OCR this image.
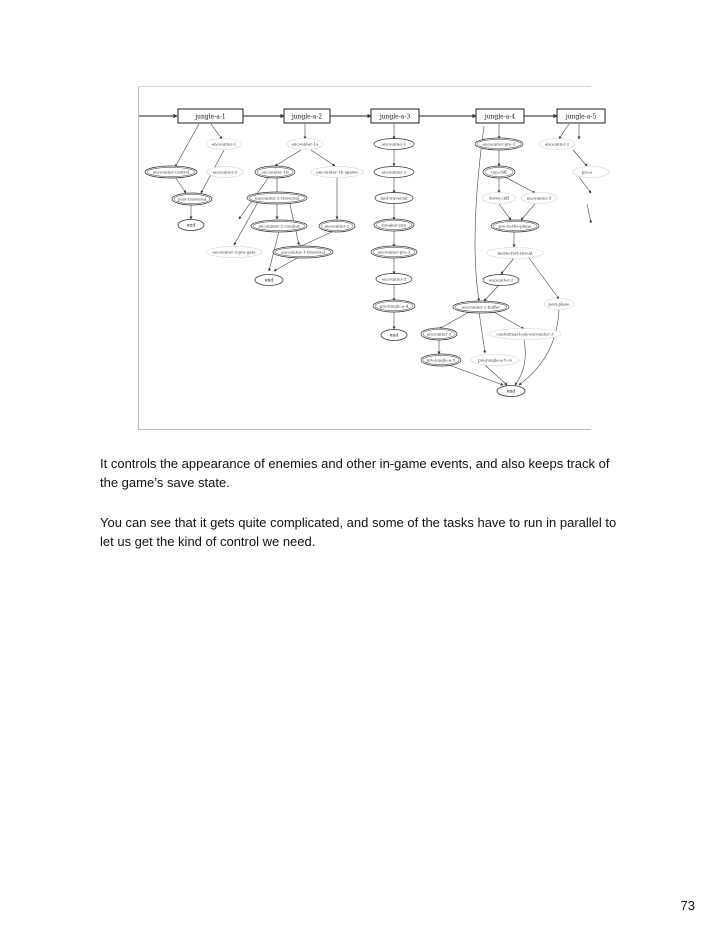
jungle-a-1	jungle-a-2	jungle-a-3	jungle-a-4	jungle-a-5
encounter-1
encounter-control	encounter-2
post-traversal
end
encounter-1a
encounter-1b	encounter-1b-spawn
encounter-2-traversal
encounter-2-combat	encounter-2
encounter-3-pre-gate	encounter-1-traversal
end
encounter-1
encounter-2
mid-traversal
breaker-pre
encounter-pre-3
encounter-3
pre-jungle-a-4
end
encounter-pre-1	encounter-2
top-cliff
down-cliff	encounter-3
pre-in-the-plane
movie-fort-reveal
encounter-2
post-plane
encounter-2-buffer
encounter-3	contextual-look-encounter-3
pre-jungle-a-5	pre-jungle-a-5-cs
end
pre-e

It controls the appearance of enemies and other in-game events, and also keeps track of the game’s save state.

You can see that it gets quite complicated, and some of the tasks have to run in parallel to let us get the kind of control we need.

73
